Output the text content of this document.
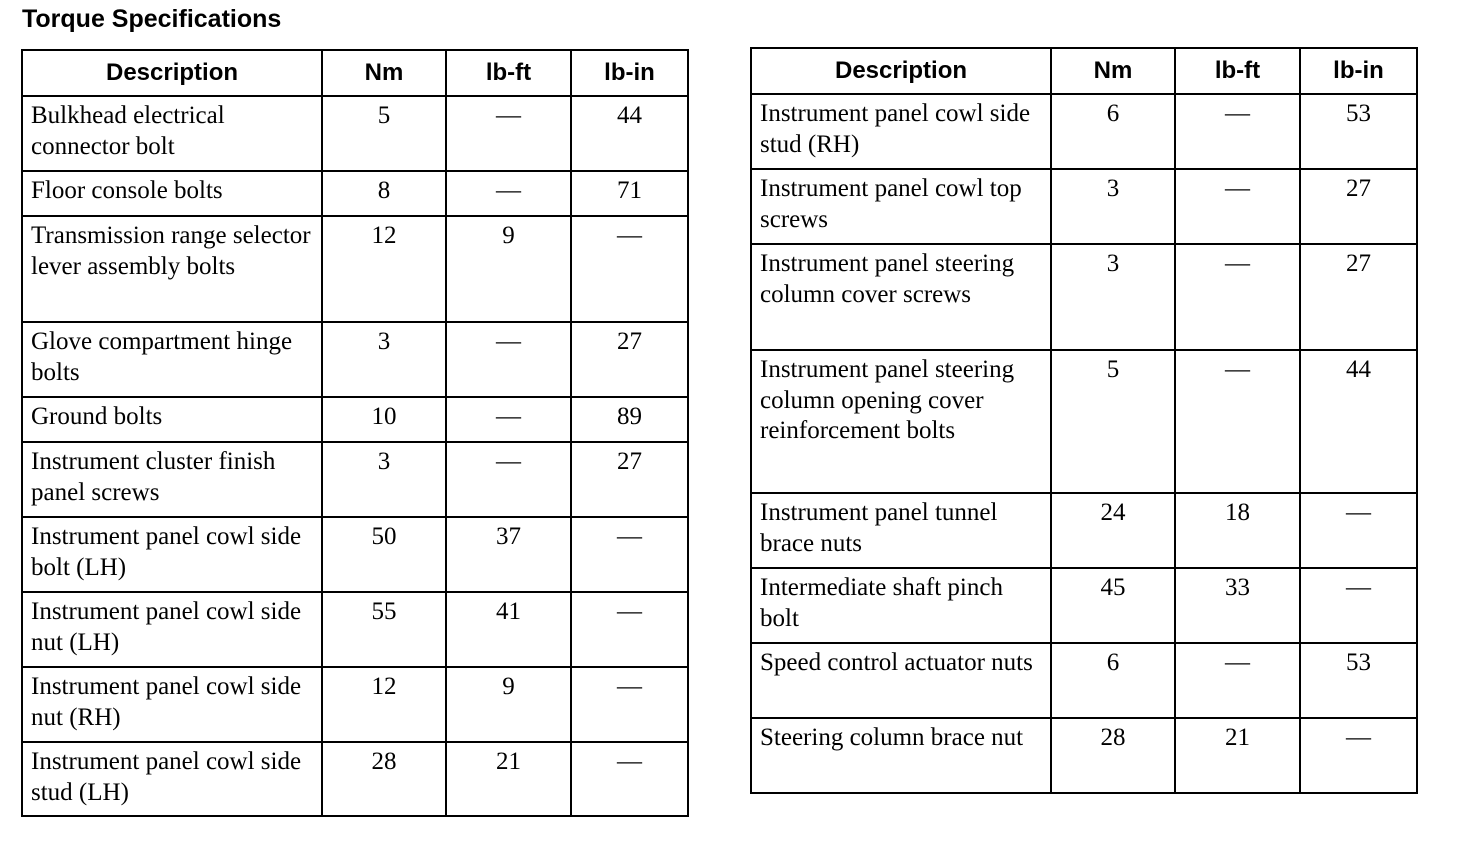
Torque Specifications
Description	Nm	lb-ft	lb-in
Bulkhead electrical connector bolt	5	—	44
Floor console bolts	8	—	71
Transmission range selector lever assembly bolts	12	9	—
Glove compartment hinge bolts	3	—	27
Ground bolts	10	—	89
Instrument cluster finish panel screws	3	—	27
Instrument panel cowl side bolt (LH)	50	37	—
Instrument panel cowl side nut (LH)	55	41	—
Instrument panel cowl side nut (RH)	12	9	—
Instrument panel cowl side stud (LH)	28	21	—
Description	Nm	lb-ft	lb-in
Instrument panel cowl side stud (RH)	6	—	53
Instrument panel cowl top screws	3	—	27
Instrument panel steering column cover screws	3	—	27
Instrument panel steering column opening cover reinforcement bolts	5	—	44
Instrument panel tunnel brace nuts	24	18	—
Intermediate shaft pinch bolt	45	33	—
Speed control actuator nuts	6	—	53
Steering column brace nut	28	21	—
